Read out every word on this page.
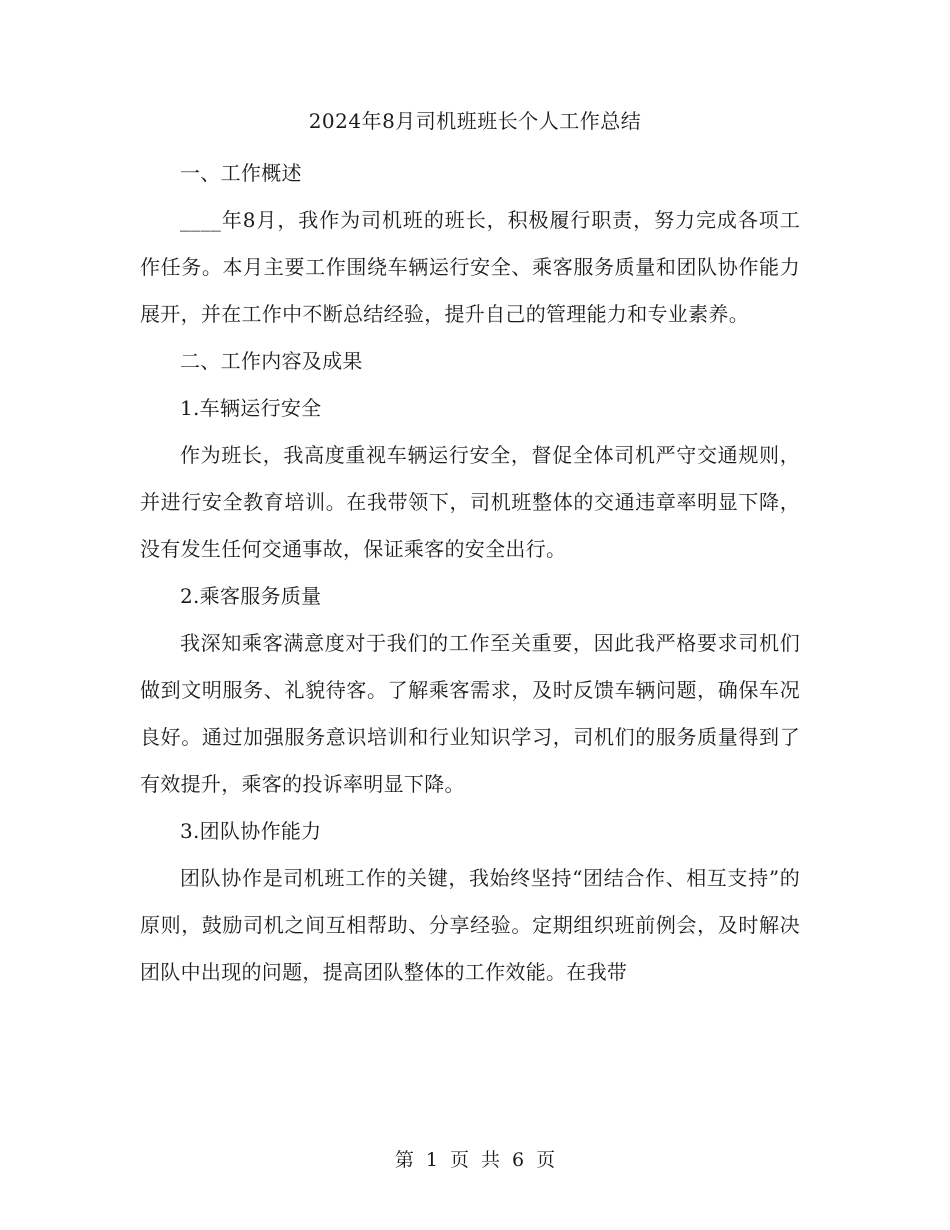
2024年8月司机班班长个人工作总结

一、工作概述

____年8月，我作为司机班的班长，积极履行职责，努力完成各项工作任务。本月主要工作围绕车辆运行安全、乘客服务质量和团队协作能力展开，并在工作中不断总结经验，提升自己的管理能力和专业素养。

二、工作内容及成果

1.车辆运行安全

作为班长，我高度重视车辆运行安全，督促全体司机严守交通规则，并进行安全教育培训。在我带领下，司机班整体的交通违章率明显下降，没有发生任何交通事故，保证乘客的安全出行。

2.乘客服务质量

我深知乘客满意度对于我们的工作至关重要，因此我严格要求司机们做到文明服务、礼貌待客。了解乘客需求，及时反馈车辆问题，确保车况良好。通过加强服务意识培训和行业知识学习，司机们的服务质量得到了有效提升，乘客的投诉率明显下降。

3.团队协作能力

团队协作是司机班工作的关键，我始终坚持“团结合作、相互支持”的原则，鼓励司机之间互相帮助、分享经验。定期组织班前例会，及时解决团队中出现的问题，提高团队整体的工作效能。在我带

第 1 页 共 6 页
